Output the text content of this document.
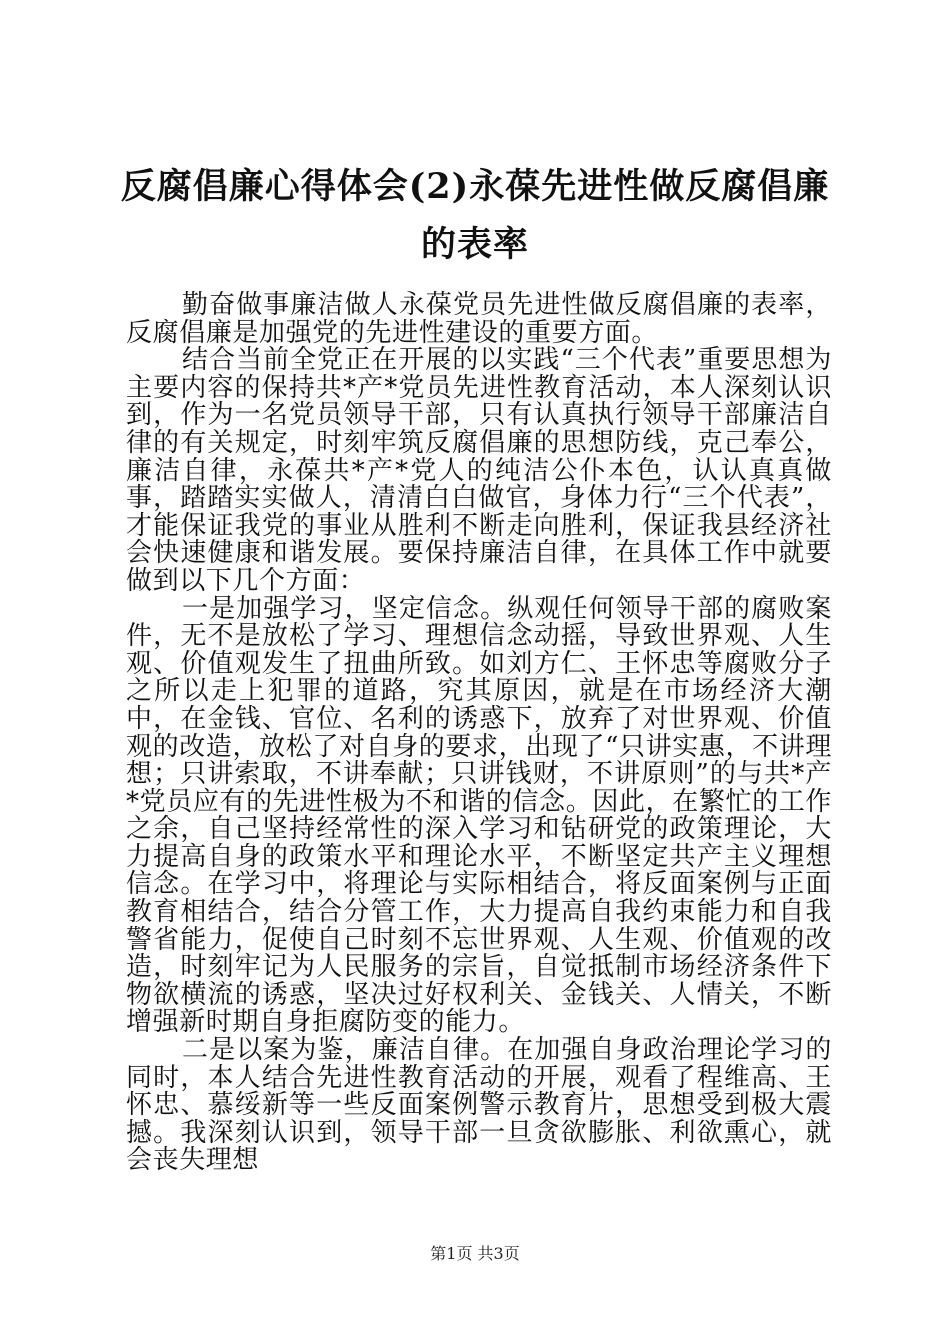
反腐倡廉心得体会(2)永葆先进性做反腐倡廉
的表率

勤奋做事廉洁做人永葆党员先进性做反腐倡廉的表率，反腐倡廉是加强党的先进性建设的重要方面。

结合当前全党正在开展的以实践“三个代表”重要思想为主要内容的保持共*产*党员先进性教育活动，本人深刻认识到，作为一名党员领导干部，只有认真执行领导干部廉洁自律的有关规定，时刻牢筑反腐倡廉的思想防线，克己奉公，廉洁自律，永葆共*产*党人的纯洁公仆本色，认认真真做事，踏踏实实做人，清清白白做官，身体力行“三个代表”，才能保证我党的事业从胜利不断走向胜利，保证我县经济社会快速健康和谐发展。要保持廉洁自律，在具体工作中就要做到以下几个方面：

一是加强学习，坚定信念。纵观任何领导干部的腐败案件，无不是放松了学习、理想信念动摇，导致世界观、人生观、价值观发生了扭曲所致。如刘方仁、王怀忠等腐败分子之所以走上犯罪的道路，究其原因，就是在市场经济大潮中，在金钱、官位、名利的诱惑下，放弃了对世界观、价值观的改造，放松了对自身的要求，出现了“只讲实惠，不讲理想；只讲索取，不讲奉献；只讲钱财，不讲原则”的与共*产*党员应有的先进性极为不和谐的信念。因此，在繁忙的工作之余，自己坚持经常性的深入学习和钻研党的政策理论，大力提高自身的政策水平和理论水平，不断坚定共产主义理想信念。在学习中，将理论与实际相结合，将反面案例与正面教育相结合，结合分管工作，大力提高自我约束能力和自我警省能力，促使自己时刻不忘世界观、人生观、价值观的改造，时刻牢记为人民服务的宗旨，自觉抵制市场经济条件下物欲横流的诱惑，坚决过好权利关、金钱关、人情关，不断增强新时期自身拒腐防变的能力。

二是以案为鉴，廉洁自律。在加强自身政治理论学习的同时，本人结合先进性教育活动的开展，观看了程维高、王怀忠、慕绥新等一些反面案例警示教育片，思想受到极大震撼。我深刻认识到，领导干部一旦贪欲膨胀、利欲熏心，就会丧失理想

第1页 共3页
